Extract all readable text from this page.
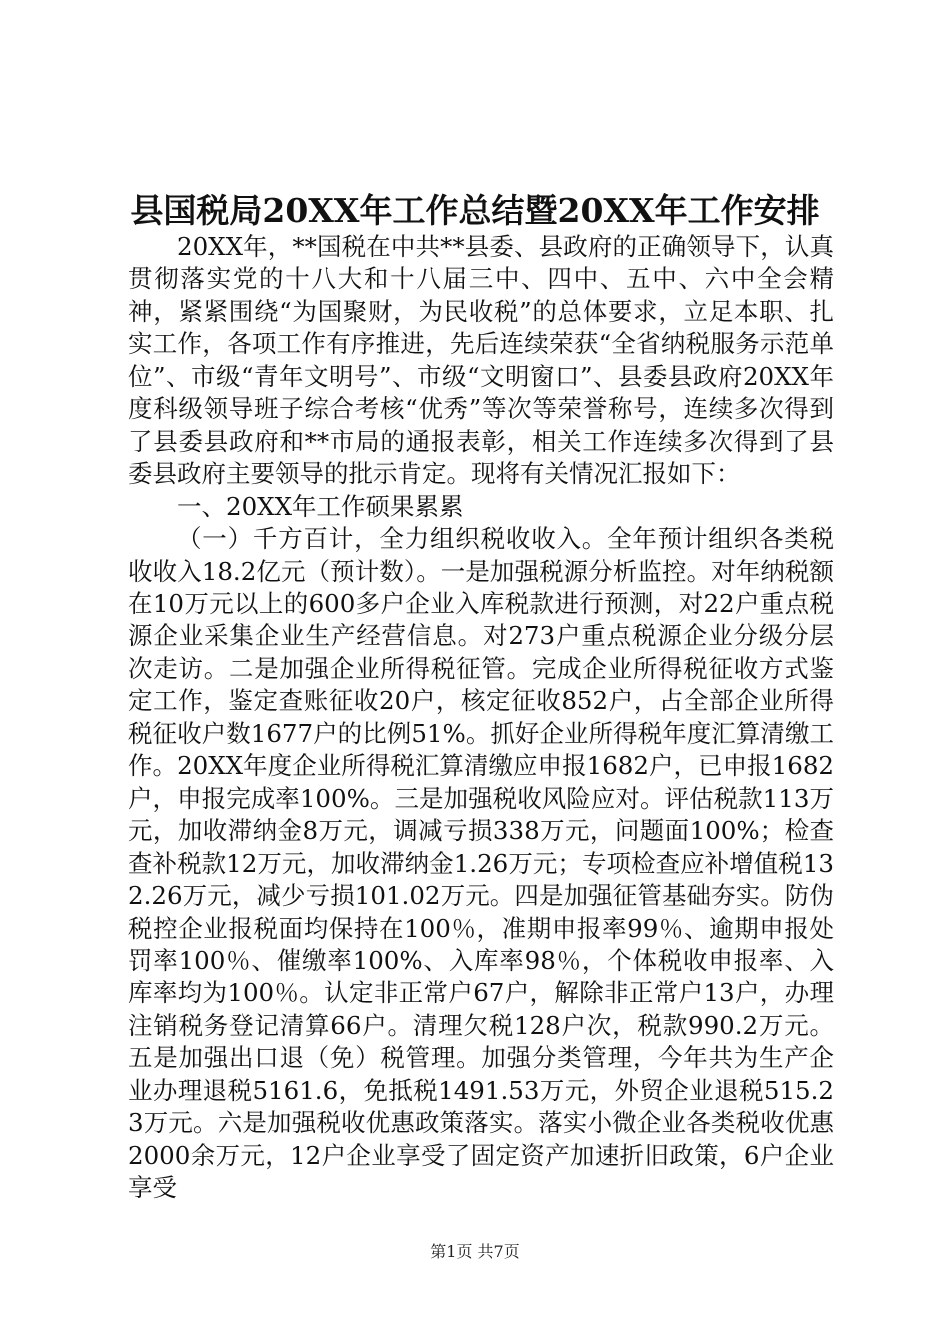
县国税局20XX年工作总结暨20XX年工作安排

20XX年，**国税在中共**县委、县政府的正确领导下，认真贯彻落实党的十八大和十八届三中、四中、五中、六中全会精神，紧紧围绕“为国聚财，为民收税”的总体要求，立足本职、扎实工作，各项工作有序推进，先后连续荣获“全省纳税服务示范单位”、市级“青年文明号”、市级“文明窗口”、县委县政府20XX年度科级领导班子综合考核“优秀”等次等荣誉称号，连续多次得到了县委县政府和**市局的通报表彰，相关工作连续多次得到了县委县政府主要领导的批示肯定。现将有关情况汇报如下：

一、20XX年工作硕果累累

（一）千方百计，全力组织税收收入。全年预计组织各类税收收入18.2亿元（预计数）。一是加强税源分析监控。对年纳税额在10万元以上的600多户企业入库税款进行预测，对22户重点税源企业采集企业生产经营信息。对273户重点税源企业分级分层次走访。二是加强企业所得税征管。完成企业所得税征收方式鉴定工作，鉴定查账征收20户，核定征收852户，占全部企业所得税征收户数1677户的比例51%。抓好企业所得税年度汇算清缴工作。20XX年度企业所得税汇算清缴应申报1682户，已申报1682户，申报完成率100%。三是加强税收风险应对。评估税款113万元，加收滞纳金8万元，调减亏损338万元，问题面100%；检查查补税款12万元，加收滞纳金1.26万元；专项检查应补增值税132.26万元，减少亏损101.02万元。四是加强征管基础夯实。防伪税控企业报税面均保持在100％，准期申报率99％、逾期申报处罚率100％、催缴率100%、入库率98％，个体税收申报率、入库率均为100％。认定非正常户67户，解除非正常户13户，办理注销税务登记清算66户。清理欠税128户次，税款990.2万元。五是加强出口退（免）税管理。加强分类管理，今年共为生产企业办理退税5161.6，免抵税1491.53万元，外贸企业退税515.23万元。六是加强税收优惠政策落实。落实小微企业各类税收优惠2000余万元，12户企业享受了固定资产加速折旧政策，6户企业享受

第1页 共7页
